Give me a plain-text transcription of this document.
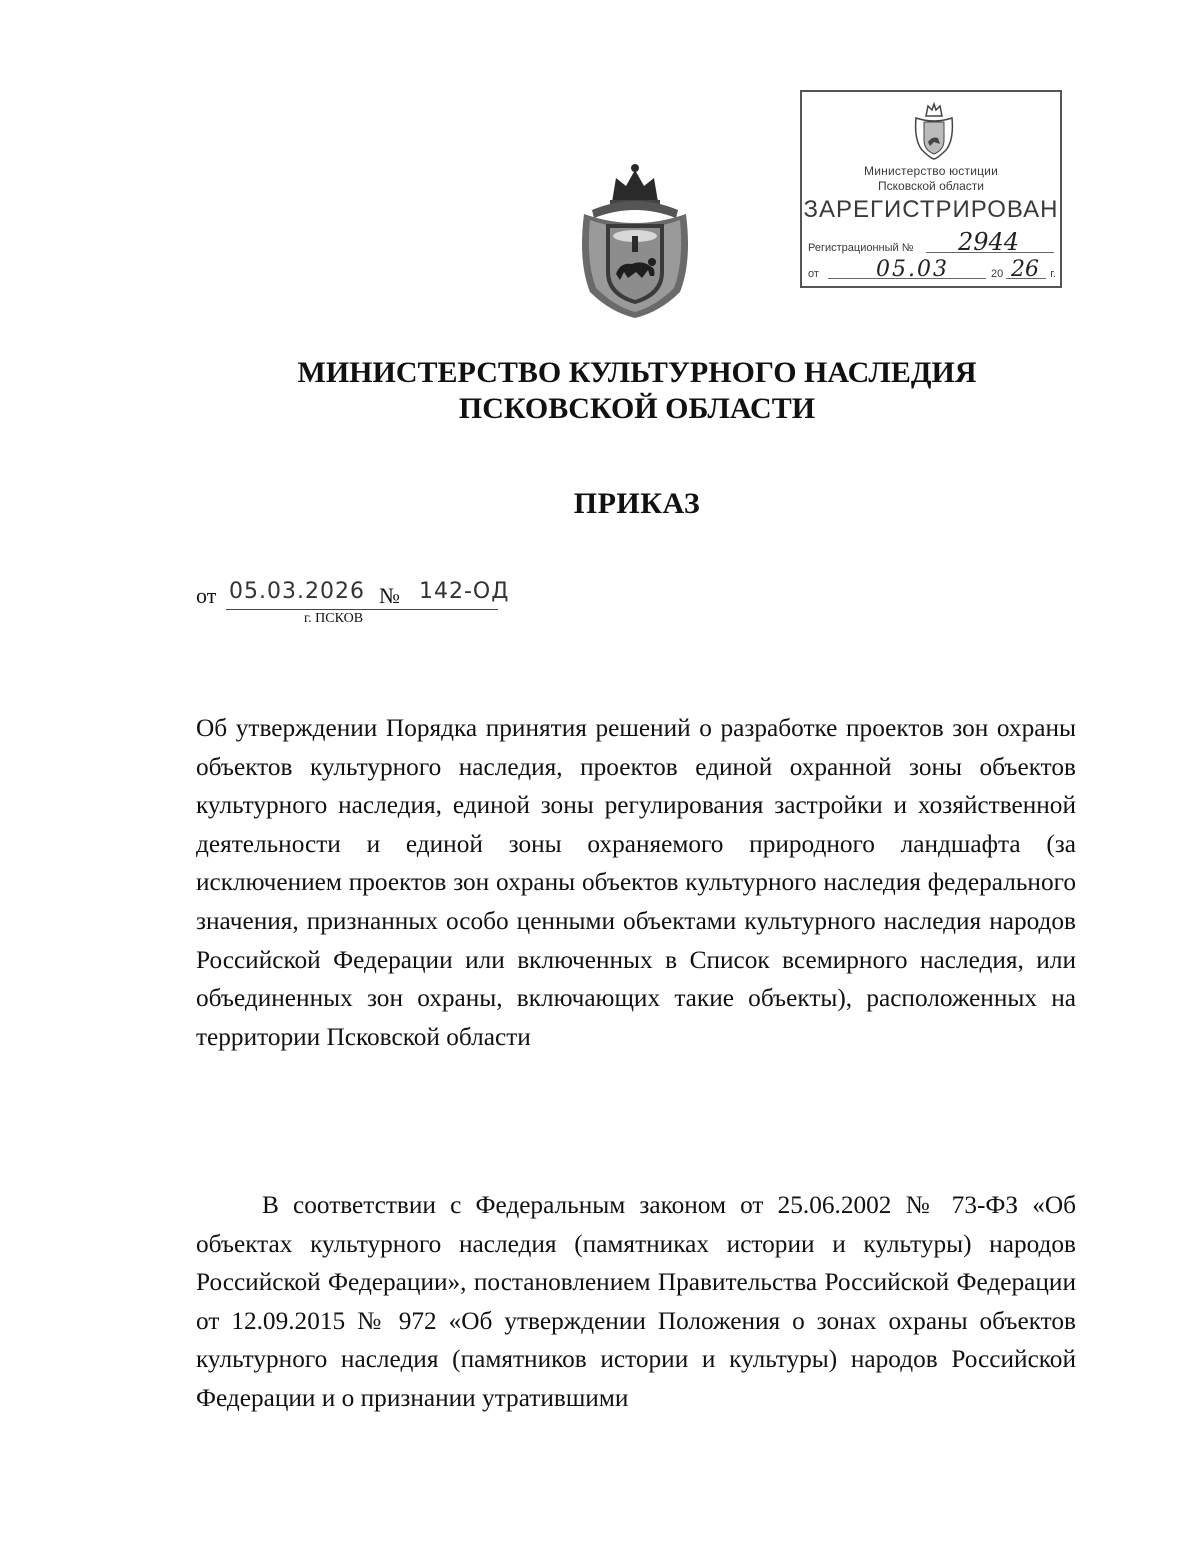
Министерство юстиции
Псковской области
ЗАРЕГИСТРИРОВАН
Регистрационный № 2944
от	05.03	20 26 г.
МИНИСТЕРСТВО КУЛЬТУРНОГО НАСЛЕДИЯ
ПСКОВСКОЙ ОБЛАСТИ
ПРИКАЗ
от 05.03.2026 № 142-ОД
г. ПСКОВ
Об утверждении Порядка принятия решений о разработке проектов зон охраны объектов культурного наследия, проектов единой охранной зоны объектов культурного наследия, единой зоны регулирования застройки и хозяйственной деятельности и единой зоны охраняемого природного ландшафта (за исключением проектов зон охраны объектов культурного наследия федерального значения, признанных особо ценными объектами культурного наследия народов Российской Федерации или включенных в Список всемирного наследия, или объединенных зон охраны, включающих такие объекты), расположенных на территории Псковской области
В соответствии с Федеральным законом от 25.06.2002 № 73-ФЗ «Об объектах культурного наследия (памятниках истории и культуры) народов Российской Федерации», постановлением Правительства Российской Федерации от 12.09.2015 № 972 «Об утверждении Положения о зонах охраны объектов культурного наследия (памятников истории и культуры) народов Российской Федерации и о признании утратившими
